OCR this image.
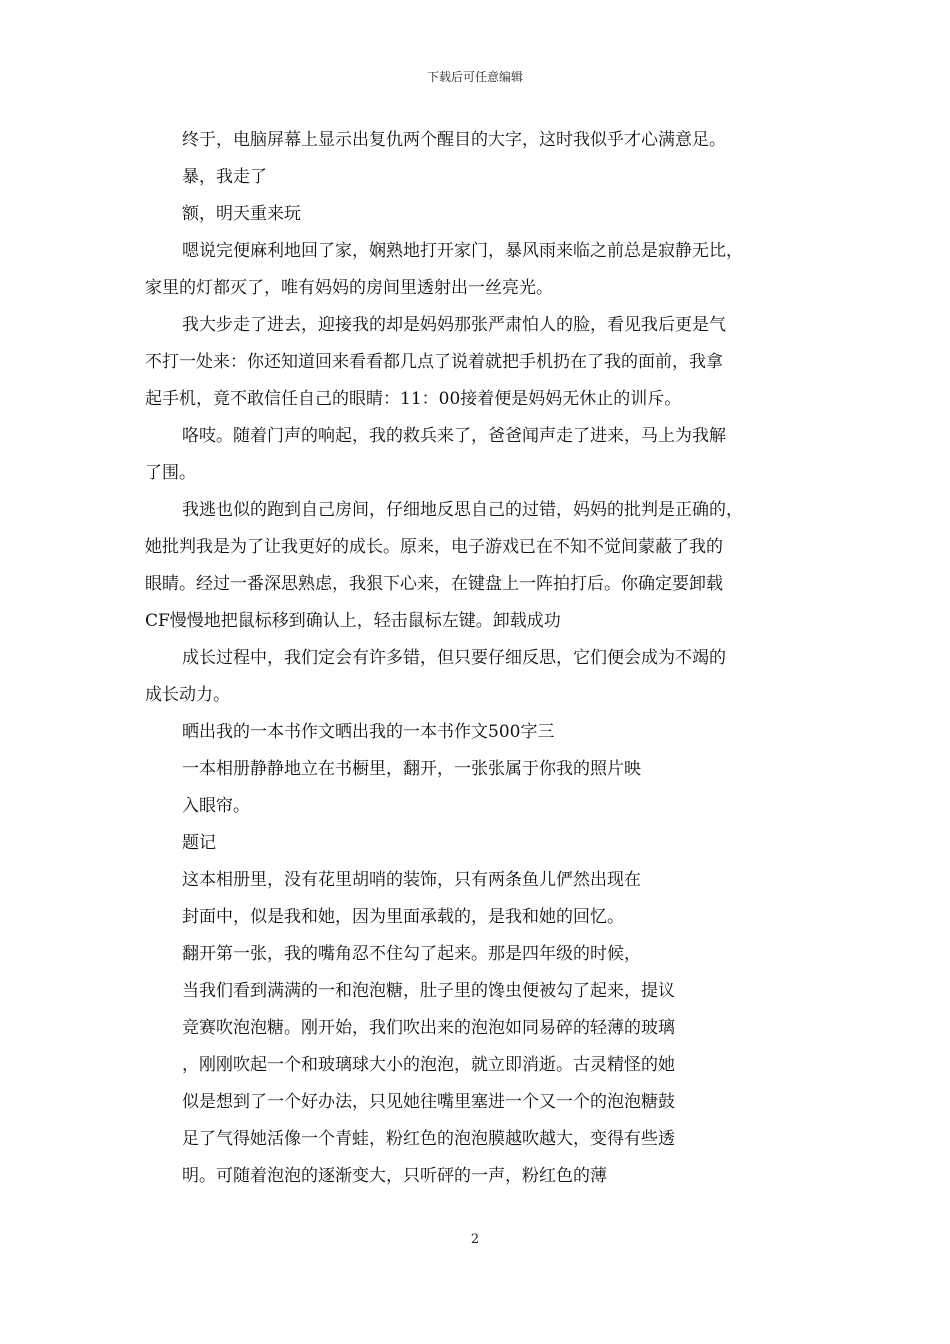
下载后可任意编辑
终于，电脑屏幕上显示出复仇两个醒目的大字，这时我似乎才心满意足。
暴，我走了
额，明天重来玩
嗯说完便麻利地回了家，娴熟地打开家门，暴风雨来临之前总是寂静无比，
家里的灯都灭了，唯有妈妈的房间里透射出一丝亮光。
我大步走了进去，迎接我的却是妈妈那张严肃怕人的脸，看见我后更是气
不打一处来：你还知道回来看看都几点了说着就把手机扔在了我的面前，我拿
起手机，竟不敢信任自己的眼睛：11：00接着便是妈妈无休止的训斥。
咯吱。随着门声的响起，我的救兵来了，爸爸闻声走了进来，马上为我解
了围。
我逃也似的跑到自己房间，仔细地反思自己的过错，妈妈的批判是正确的，
她批判我是为了让我更好的成长。原来，电子游戏已在不知不觉间蒙蔽了我的
眼睛。经过一番深思熟虑，我狠下心来，在键盘上一阵拍打后。你确定要卸载
CF慢慢地把鼠标移到确认上，轻击鼠标左键。卸载成功
成长过程中，我们定会有许多错，但只要仔细反思，它们便会成为不竭的
成长动力。
晒出我的一本书作文晒出我的一本书作文500字三
一本相册静静地立在书橱里，翻开，一张张属于你我的照片映
入眼帘。
题记
这本相册里，没有花里胡哨的装饰，只有两条鱼儿俨然出现在
封面中，似是我和她，因为里面承载的，是我和她的回忆。
翻开第一张，我的嘴角忍不住勾了起来。那是四年级的时候，
当我们看到满满的一和泡泡糖，肚子里的馋虫便被勾了起来，提议
竞赛吹泡泡糖。刚开始，我们吹出来的泡泡如同易碎的轻薄的玻璃
，刚刚吹起一个和玻璃球大小的泡泡，就立即消逝。古灵精怪的她
似是想到了一个好办法，只见她往嘴里塞进一个又一个的泡泡糖鼓
足了气得她活像一个青蛙，粉红色的泡泡膜越吹越大，变得有些透
明。可随着泡泡的逐渐变大，只听砰的一声，粉红色的薄
2
